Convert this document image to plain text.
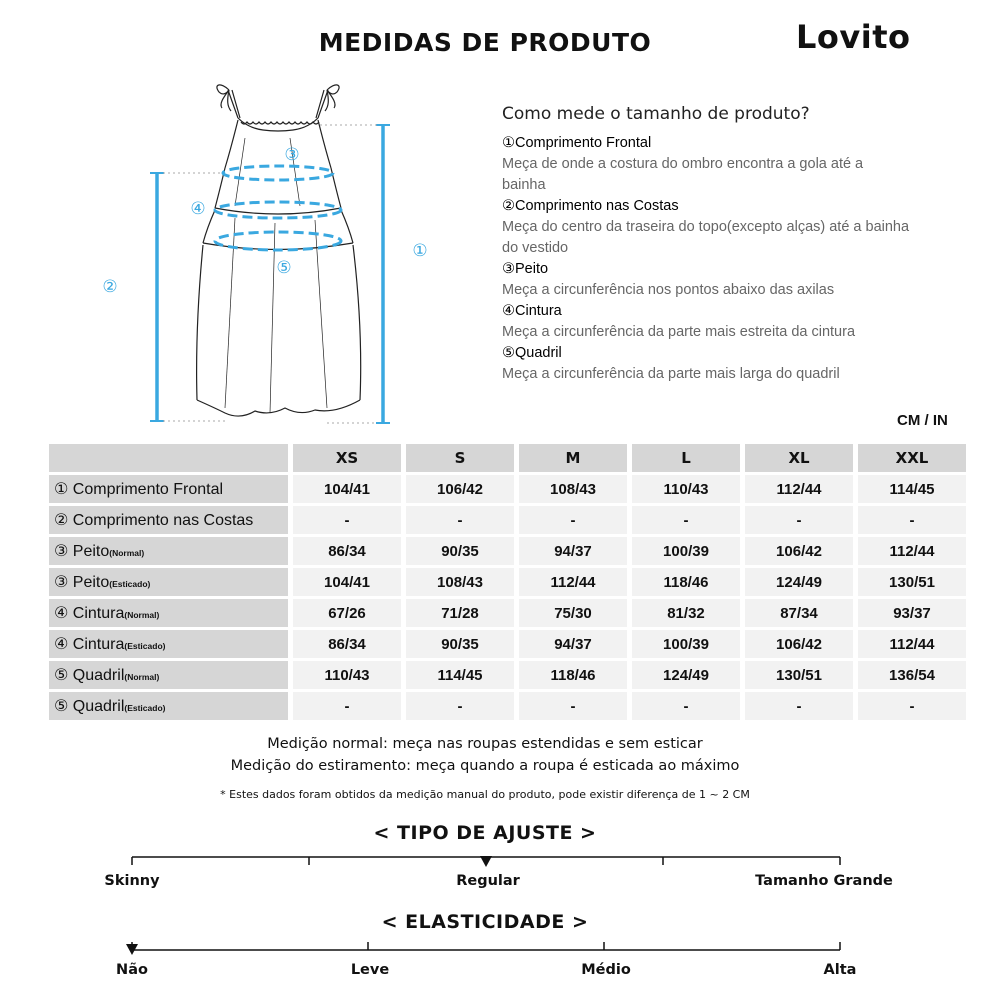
MEDIDAS DE PRODUTO	Lovito
①
②
③
④
⑤
Como mede o tamanho de produto?
①Comprimento Frontal
Meça de onde a costura do ombro encontra a gola até a
bainha
②Comprimento nas Costas
Meça do centro da traseira do topo(excepto alças) até a bainha
do vestido
③Peito
Meça a circunferência nos pontos abaixo das axilas
④Cintura
Meça a circunferência da parte mais estreita da cintura
⑤Quadril
Meça a circunferência da parte mais larga do quadril
CM / IN
	XS	S	M	L	XL	XXL
① Comprimento Frontal	104/41	106/42	108/43	110/43	112/44	114/45
② Comprimento nas Costas	-	-	-	-	-	-
③ Peito(Normal)	86/34	90/35	94/37	100/39	106/42	112/44
③ Peito(Esticado)	104/41	108/43	112/44	118/46	124/49	130/51
④ Cintura(Normal)	67/26	71/28	75/30	81/32	87/34	93/37
④ Cintura(Esticado)	86/34	90/35	94/37	100/39	106/42	112/44
⑤ Quadril(Normal)	110/43	114/45	118/46	124/49	130/51	136/54
⑤ Quadril(Esticado)	-	-	-	-	-	-
Medição normal: meça nas roupas estendidas e sem esticar
Medição do estiramento: meça quando a roupa é esticada ao máximo
* Estes dados foram obtidos da medição manual do produto, pode existir diferença de 1 ~ 2 CM
< TIPO DE AJUSTE >
Skinny	Regular	Tamanho Grande
< ELASTICIDADE >
Não	Leve	Médio	Alta
